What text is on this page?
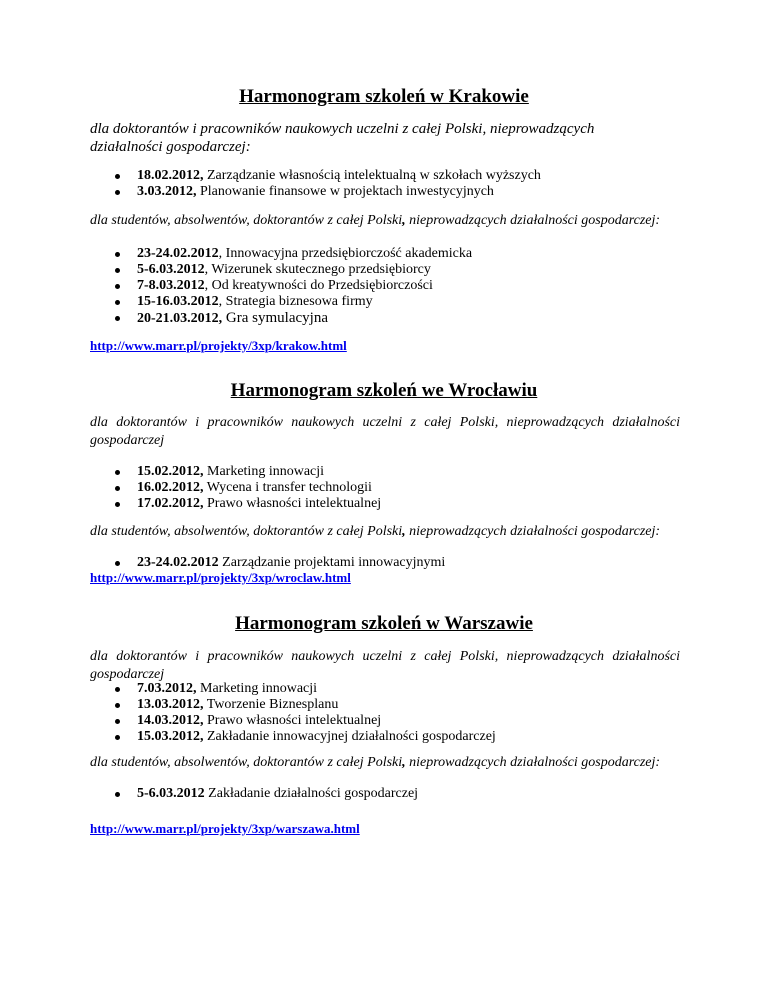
Harmonogram szkoleń w Krakowie
dla doktorantów i pracowników naukowych uczelni z całej Polski, nieprowadzących
działalności gospodarczej:
18.02.2012, Zarządzanie własnością intelektualną w szkołach wyższych
3.03.2012, Planowanie finansowe w projektach inwestycyjnych
dla studentów, absolwentów, doktorantów z całej Polski, nieprowadzących działalności gospodarczej:
23-24.02.2012, Innowacyjna przedsiębiorczość akademicka
5-6.03.2012, Wizerunek skutecznego przedsiębiorcy
7-8.03.2012, Od kreatywności do Przedsiębiorczości
15-16.03.2012, Strategia biznesowa firmy
20-21.03.2012, Gra symulacyjna
http://www.marr.pl/projekty/3xp/krakow.html
Harmonogram szkoleń we Wrocławiu
dla doktorantów i pracowników naukowych uczelni z całej Polski, nieprowadzących działalności
gospodarczej
15.02.2012, Marketing innowacji
16.02.2012, Wycena i transfer technologii
17.02.2012, Prawo własności intelektualnej
dla studentów, absolwentów, doktorantów z całej Polski, nieprowadzących działalności gospodarczej:
23-24.02.2012 Zarządzanie projektami innowacyjnymi
http://www.marr.pl/projekty/3xp/wroclaw.html
Harmonogram szkoleń w Warszawie
dla doktorantów i pracowników naukowych uczelni z całej Polski, nieprowadzących działalności
gospodarczej
7.03.2012, Marketing innowacji
13.03.2012, Tworzenie Biznesplanu
14.03.2012, Prawo własności intelektualnej
15.03.2012, Zakładanie innowacyjnej działalności gospodarczej
dla studentów, absolwentów, doktorantów z całej Polski, nieprowadzących działalności gospodarczej:
5-6.03.2012 Zakładanie działalności gospodarczej
http://www.marr.pl/projekty/3xp/warszawa.html
